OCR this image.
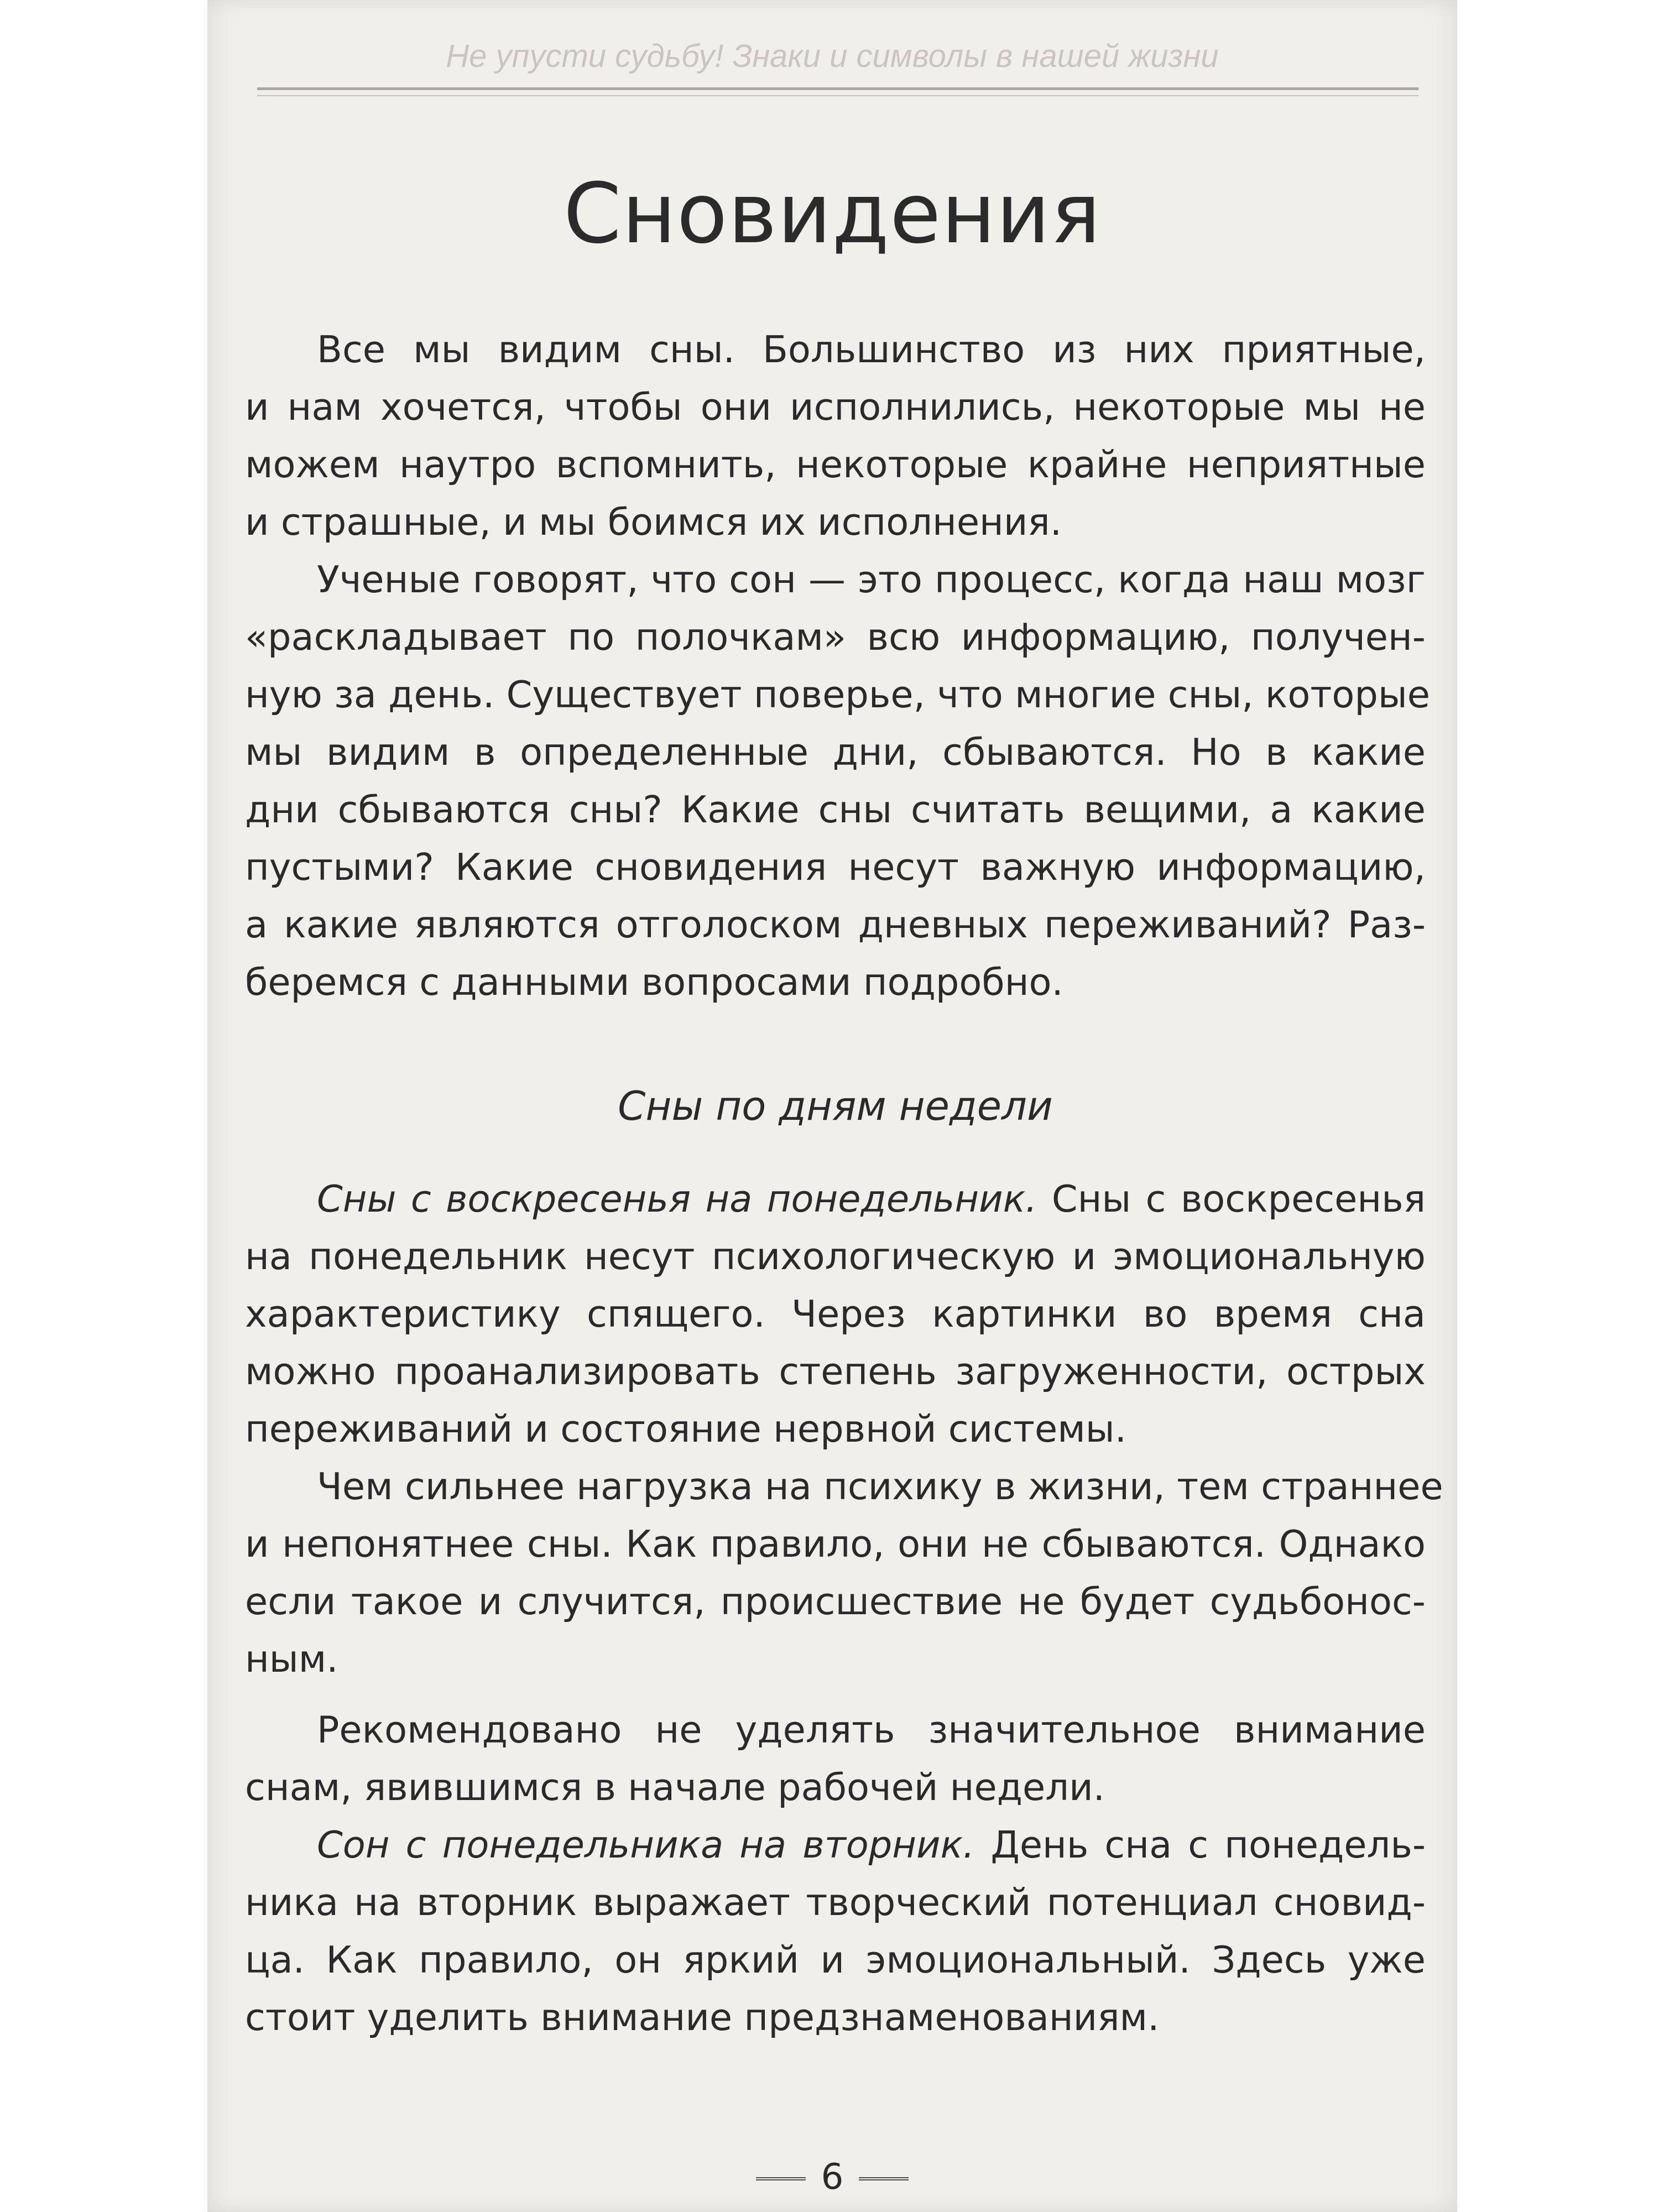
Не упусти судьбу! Знаки и символы в нашей жизни
Сновидения
Все мы видим сны. Большинство из них приятные,
и нам хочется, чтобы они исполнились, некоторые мы не
можем наутро вспомнить, некоторые крайне неприятные
и страшные, и мы боимся их исполнения.
Ученые говорят, что сон — это процесс, когда наш мозг
«раскладывает по полочкам» всю информацию, получен-
ную за день. Существует поверье, что многие сны, которые
мы видим в определенные дни, сбываются. Но в какие
дни сбываются сны? Какие сны считать вещими, а какие
пустыми? Какие сновидения несут важную информацию,
а какие являются отголоском дневных переживаний? Раз-
беремся с данными вопросами подробно.
Сны по дням недели
Сны с воскресенья на понедельник. Сны с воскресенья
на понедельник несут психологическую и эмоциональную
характеристику спящего. Через картинки во время сна
можно проанализировать степень загруженности, острых
переживаний и состояние нервной системы.
Чем сильнее нагрузка на психику в жизни, тем страннее
и непонятнее сны. Как правило, они не сбываются. Однако
если такое и случится, происшествие не будет судьбонос-
ным.
Рекомендовано не уделять значительное внимание
снам, явившимся в начале рабочей недели.
Сон с понедельника на вторник. День сна с понедель-
ника на вторник выражает творческий потенциал сновид-
ца. Как правило, он яркий и эмоциональный. Здесь уже
стоит уделить внимание предзнаменованиям.
6
